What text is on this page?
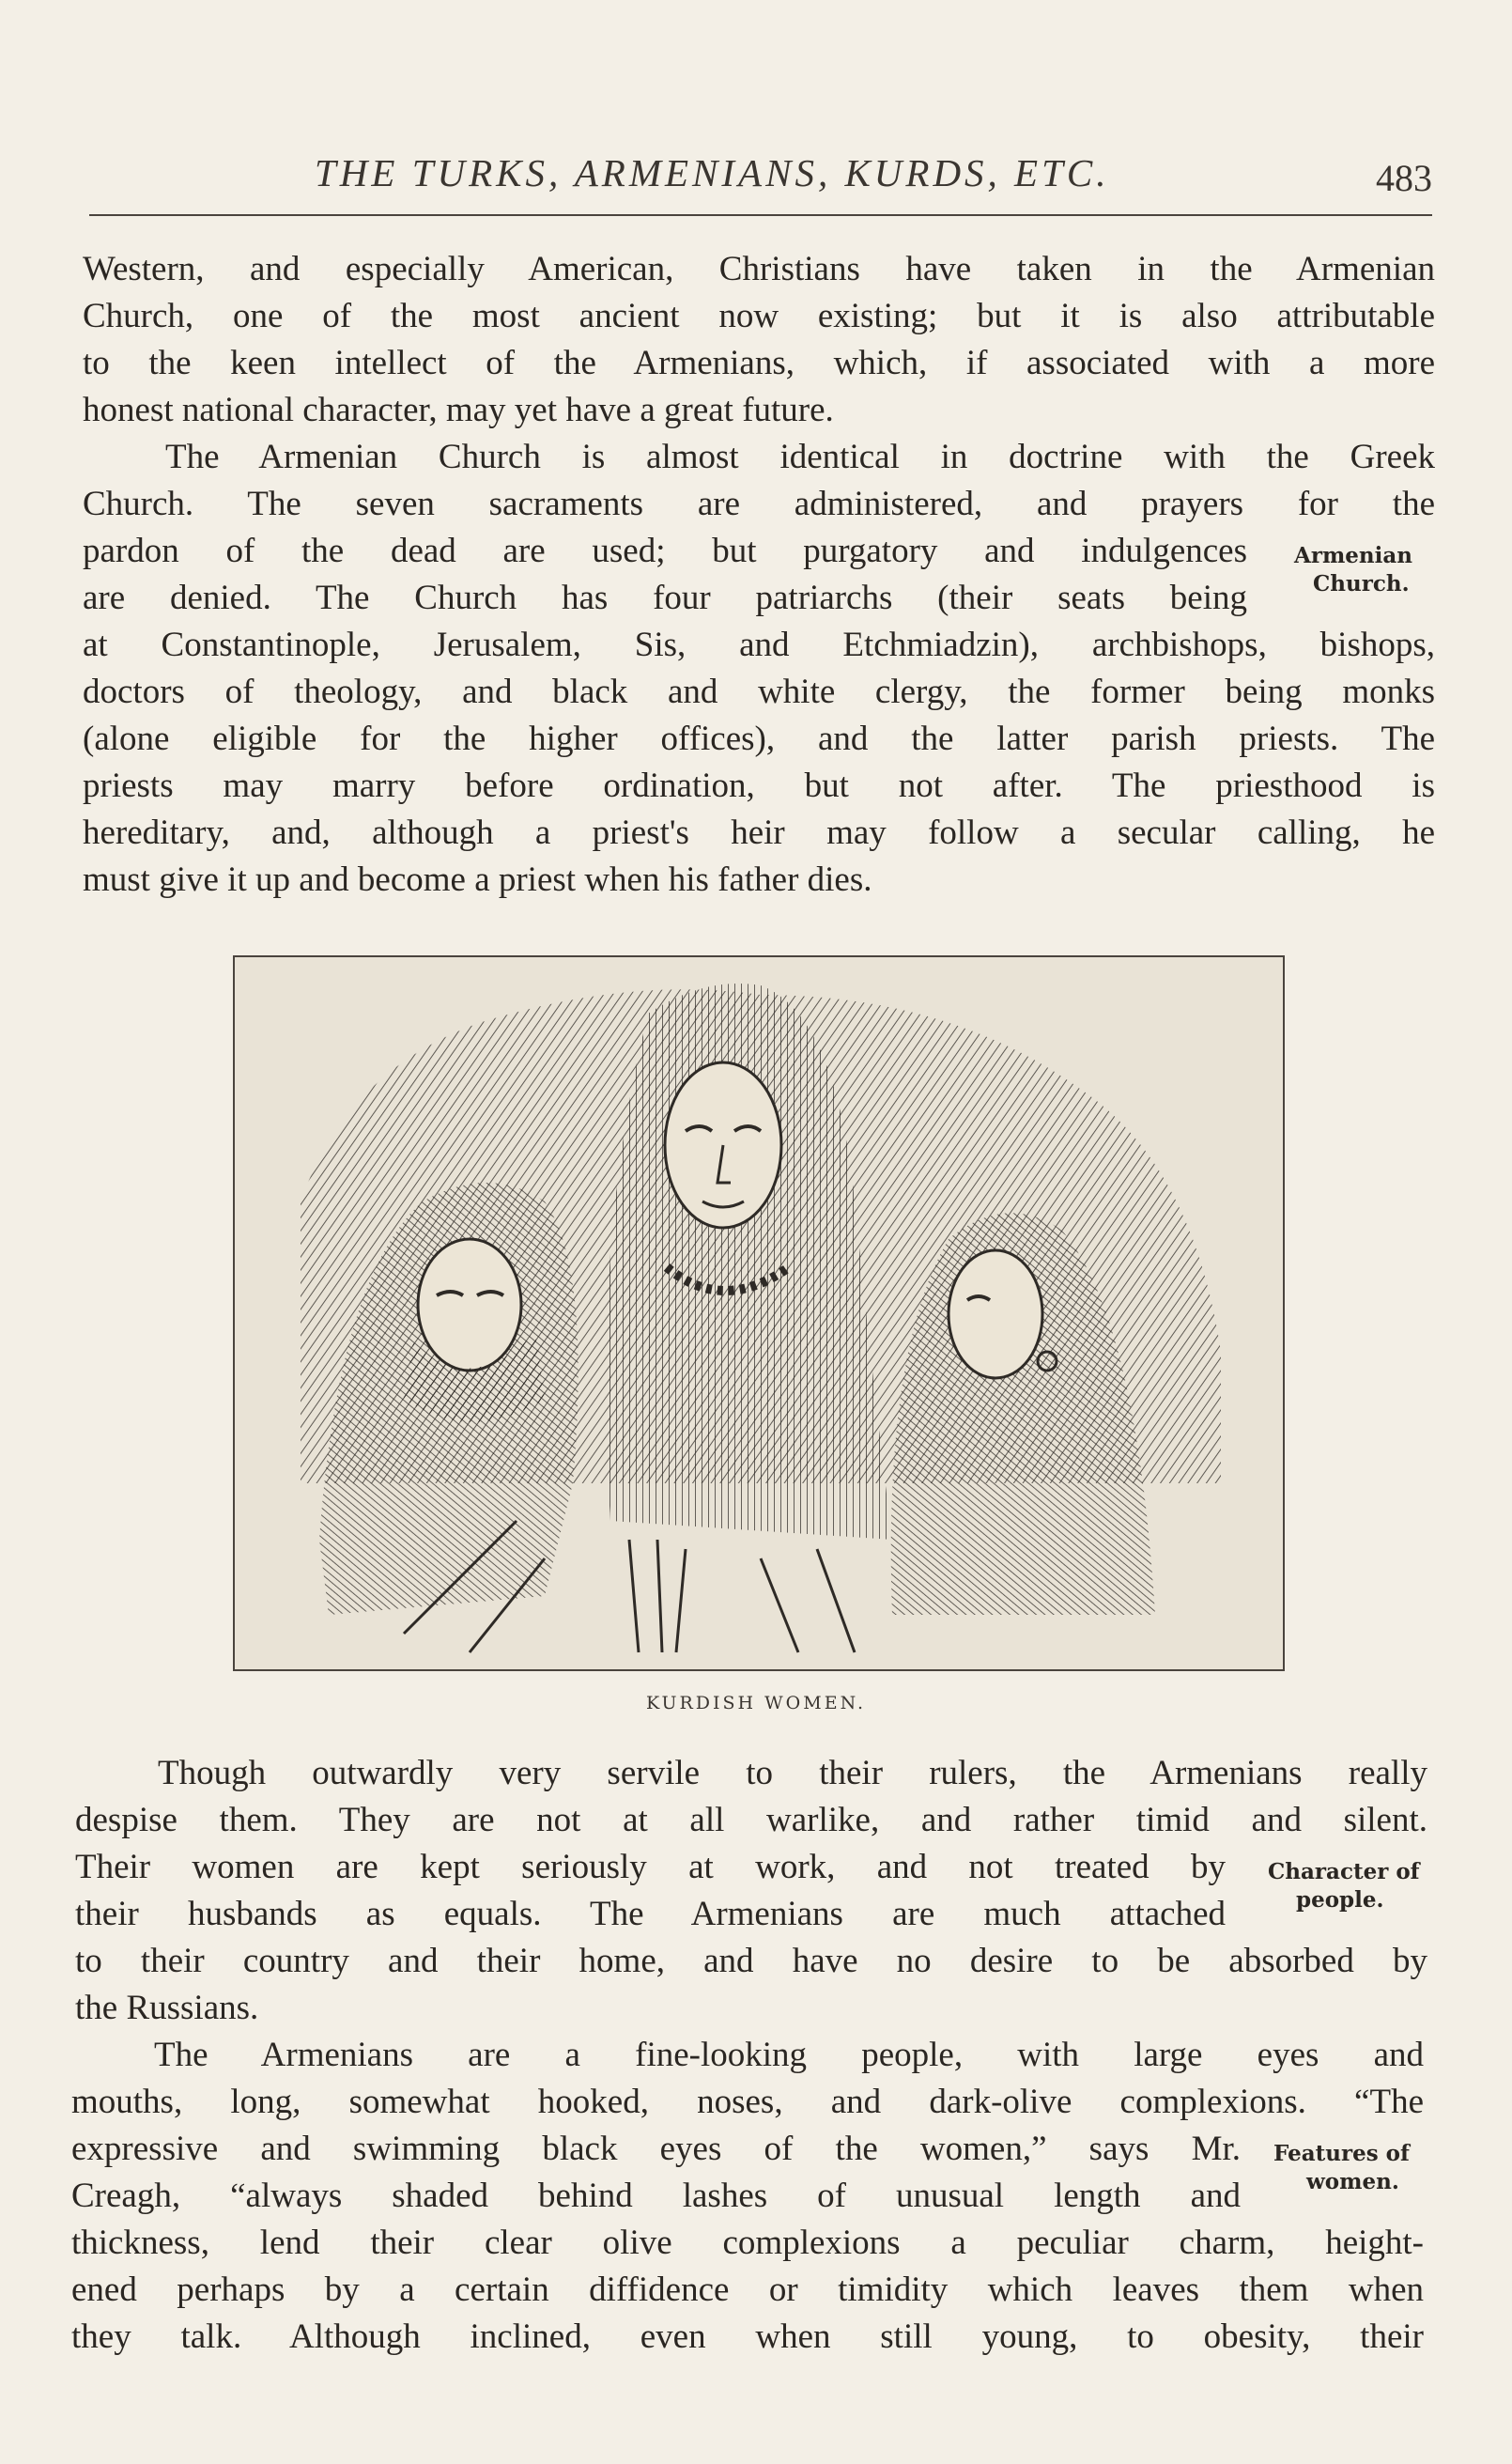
THE TURKS, ARMENIANS, KURDS, ETC.	483
Western, and especially American, Christians have taken in the Armenian
Church, one of the most ancient now existing; but it is also attributable
to the keen intellect of the Armenians, which, if associated with a more
honest national character, may yet have a great future.
The Armenian Church is almost identical in doctrine with the Greek
Church. The seven sacraments are administered, and prayers for the
pardon of the dead are used; but purgatory and indulgences
are denied. The Church has four patriarchs (their seats being
at Constantinople, Jerusalem, Sis, and Etchmiadzin), archbishops, bishops,
doctors of theology, and black and white clergy, the former being monks
(alone eligible for the higher offices), and the latter parish priests. The
priests may marry before ordination, but not after. The priesthood is
hereditary, and, although a priest's heir may follow a secular calling, he
must give it up and become a priest when his father dies.
Armenian
Church.
KURDISH WOMEN.
Though outwardly very servile to their rulers, the Armenians really
despise them. They are not at all warlike, and rather timid and silent.
Their women are kept seriously at work, and not treated by
their husbands as equals. The Armenians are much attached
to their country and their home, and have no desire to be absorbed by
the Russians.
Character of
people.
The Armenians are a fine-looking people, with large eyes and
mouths, long, somewhat hooked, noses, and dark-olive complexions. “The
expressive and swimming black eyes of the women,” says Mr.
Creagh, “always shaded behind lashes of unusual length and
thickness, lend their clear olive complexions a peculiar charm, height-
ened perhaps by a certain diffidence or timidity which leaves them when
they talk. Although inclined, even when still young, to obesity, their
Features of
women.
